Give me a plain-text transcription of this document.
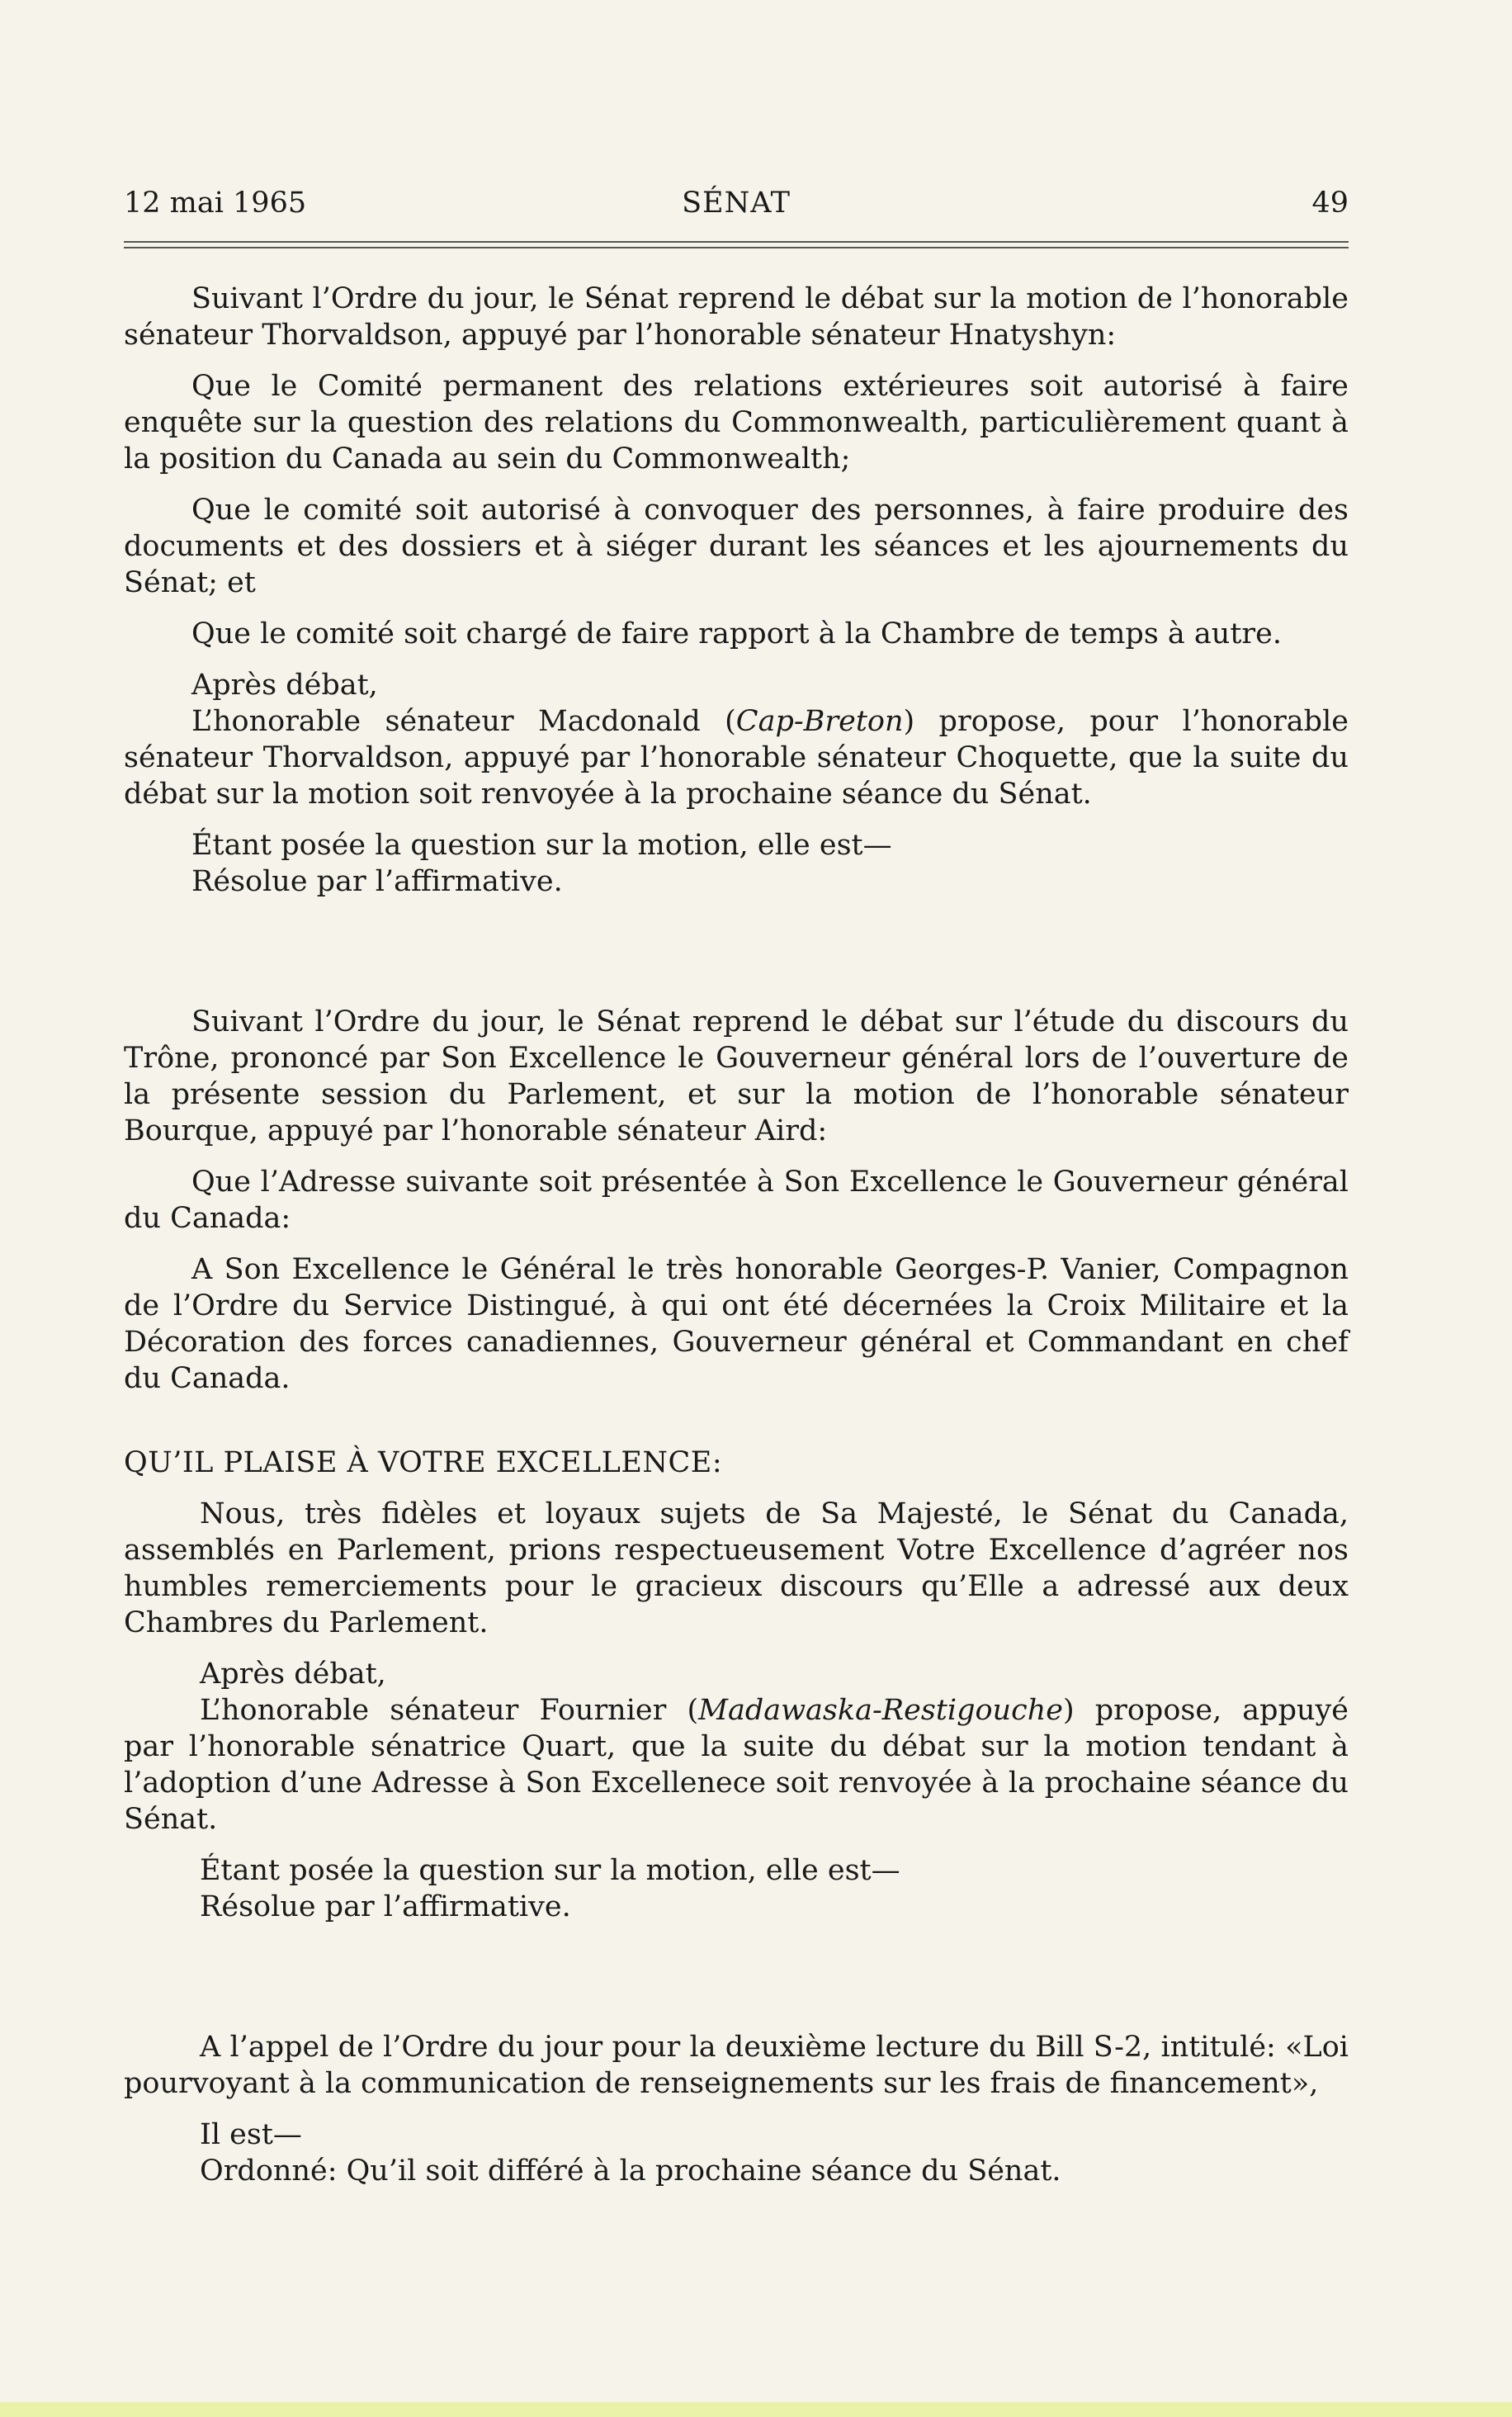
12 mai 1965	SÉNAT	49

Suivant l’Ordre du jour, le Sénat reprend le débat sur la motion de l’honorable sénateur Thorvaldson, appuyé par l’honorable sénateur Hnatyshyn:

Que le Comité permanent des relations extérieures soit autorisé à faire enquête sur la question des relations du Commonwealth, particulièrement quant à la position du Canada au sein du Commonwealth;

Que le comité soit autorisé à convoquer des personnes, à faire produire des documents et des dossiers et à siéger durant les séances et les ajournements du Sénat; et

Que le comité soit chargé de faire rapport à la Chambre de temps à autre.

Après débat,

L’honorable sénateur Macdonald (Cap-Breton) propose, pour l’honorable sénateur Thorvaldson, appuyé par l’honorable sénateur Choquette, que la suite du débat sur la motion soit renvoyée à la prochaine séance du Sénat.

Étant posée la question sur la motion, elle est—

Résolue par l’affirmative.

Suivant l’Ordre du jour, le Sénat reprend le débat sur l’étude du discours du Trône, prononcé par Son Excellence le Gouverneur général lors de l’ouverture de la présente session du Parlement, et sur la motion de l’honorable sénateur Bourque, appuyé par l’honorable sénateur Aird:

Que l’Adresse suivante soit présentée à Son Excellence le Gouverneur général du Canada:

A Son Excellence le Général le très honorable Georges-P. Vanier, Compagnon de l’Ordre du Service Distingué, à qui ont été décernées la Croix Militaire et la Décoration des forces canadiennes, Gouverneur général et Commandant en chef du Canada.

QU’IL PLAISE À VOTRE EXCELLENCE:

Nous, très fidèles et loyaux sujets de Sa Majesté, le Sénat du Canada, assemblés en Parlement, prions respectueusement Votre Excellence d’agréer nos humbles remerciements pour le gracieux discours qu’Elle a adressé aux deux Chambres du Parlement.

Après débat,

L’honorable sénateur Fournier (Madawaska-Restigouche) propose, appuyé par l’honorable sénatrice Quart, que la suite du débat sur la motion tendant à l’adoption d’une Adresse à Son Excellenece soit renvoyée à la prochaine séance du Sénat.

Étant posée la question sur la motion, elle est—

Résolue par l’affirmative.

A l’appel de l’Ordre du jour pour la deuxième lecture du Bill S-2, intitulé: «Loi pourvoyant à la communication de renseignements sur les frais de financement»,

Il est—

Ordonné: Qu’il soit différé à la prochaine séance du Sénat.
